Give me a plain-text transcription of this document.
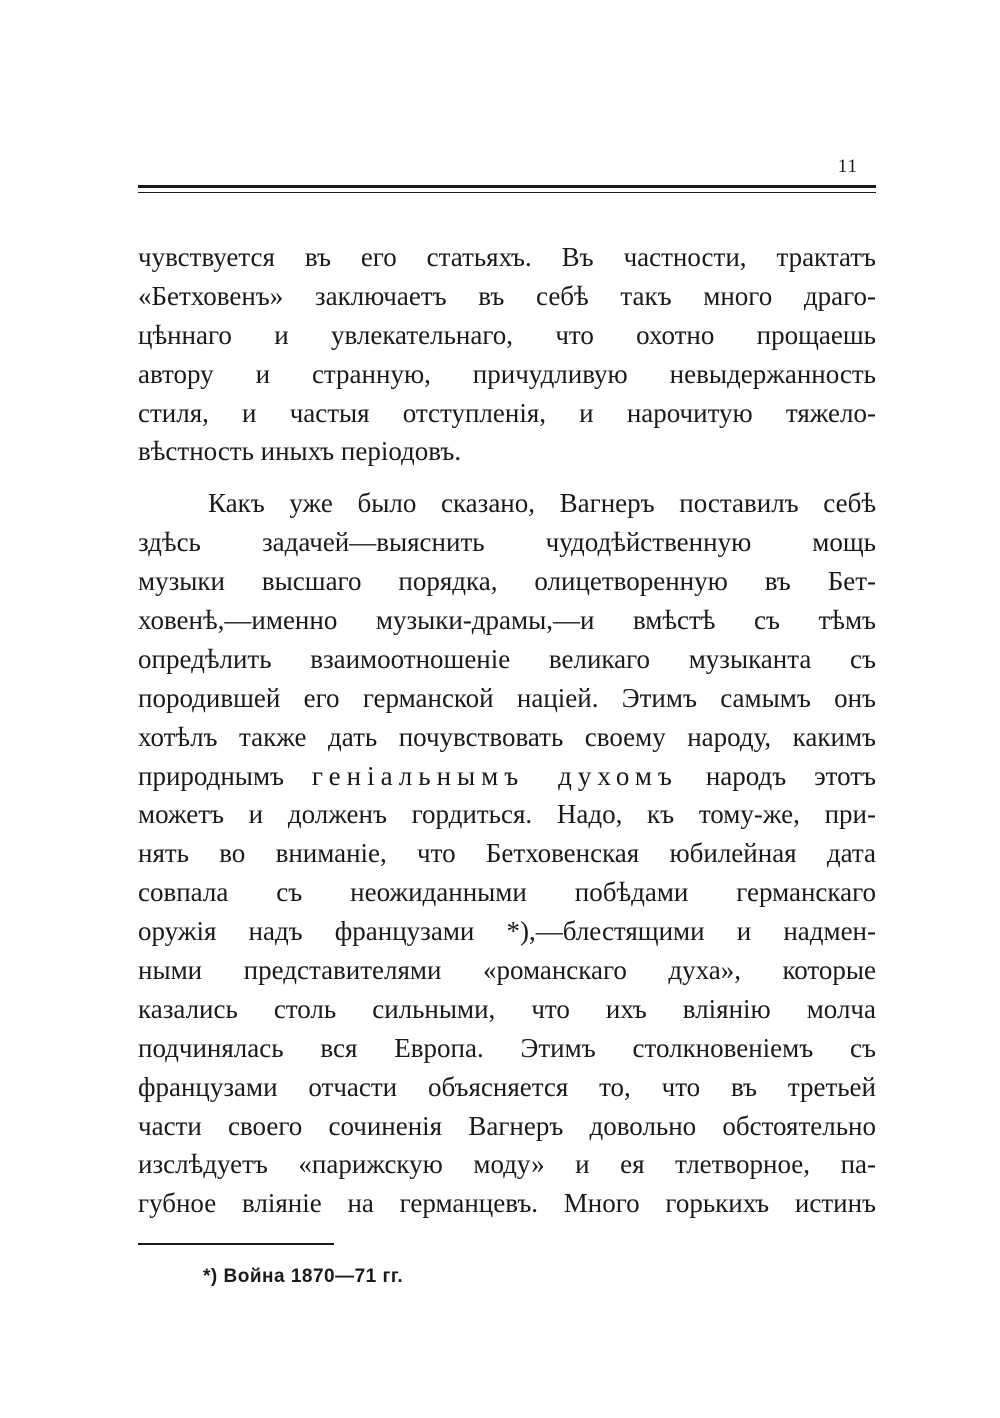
11
чувствуется въ его статьяхъ. Въ частности, трактатъ
«Бетховенъ» заключаетъ въ себѣ такъ много драго-
цѣннаго и увлекательнаго, что охотно прощаешь
автору и странную, причудливую невыдержанность
стиля, и частыя отступленія, и нарочитую тяжело-
вѣстность иныхъ періодовъ.
Какъ уже было сказано, Вагнеръ поставилъ себѣ
здѣсь задачей—выяснить чудодѣйственную мощь
музыки высшаго порядка, олицетворенную въ Бет-
ховенѣ,—именно музыки-драмы,—и вмѣстѣ съ тѣмъ
опредѣлить взаимоотношеніе великаго музыканта съ
породившей его германской націей. Этимъ самымъ онъ
хотѣлъ также дать почувствовать своему народу, какимъ
природнымъ геніальнымъ духомъ народъ этотъ
можетъ и долженъ гордиться. Надо, къ тому-же, при-
нять во вниманіе, что Бетховенская юбилейная дата
совпала съ неожиданными побѣдами германскаго
оружія надъ французами *),—блестящими и надмен-
ными представителями «романскаго духа», которые
казались столь сильными, что ихъ вліянію молча
подчинялась вся Европа. Этимъ столкновеніемъ съ
французами отчасти объясняется то, что въ третьей
части своего сочиненія Вагнеръ довольно обстоятельно
изслѣдуетъ «парижскую моду» и ея тлетворное, па-
губное вліяніе на германцевъ. Много горькихъ истинъ
*) Война 1870—71 гг.
